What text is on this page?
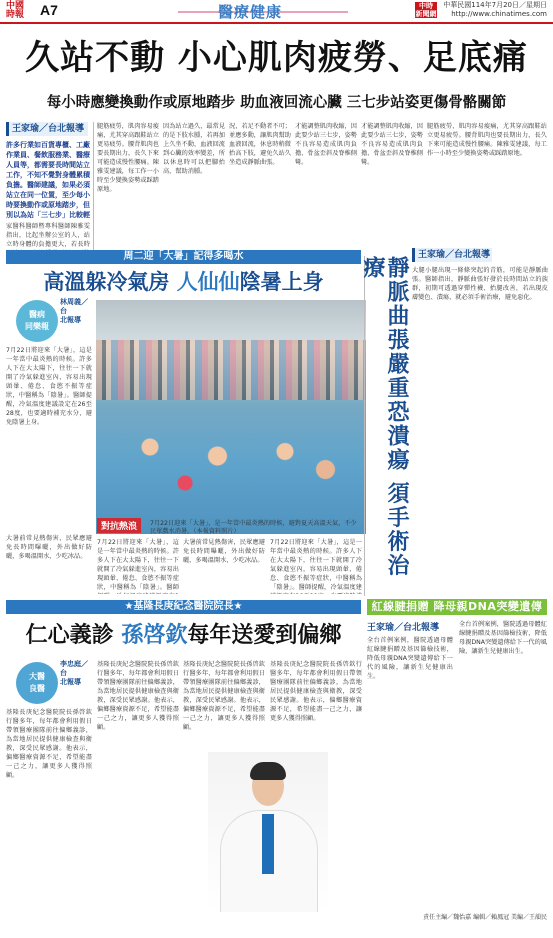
中國
時報	A7	醫療健康	中時
新聞網
中華民國114年7月20日／星期日
http://www.chinatimes.com
久站不動 小心肌肉疲勞、足底痛
每小時應變換動作或原地踏步 助血液回流心臟 三七步站姿更傷骨骼關節
王家瑜／台北報導
許多行業如百貨專櫃、工廠作業員、餐飲服務業、醫療人員等，都需要長時間站立工作，不知不覺對身體累積負擔。醫師建議，如果必須站立在同一位置，至少每小時要換動作或原地踏步，但別以為站「三七步」比較輕
家醫科醫師暨專科醫師陳雅雯指出，比起坐辦公室的人，站立時身體的負擔更大，若長時
腿筋疲勞，肌肉容易痠痛，尤其穿高跟鞋站立更易疲勞。腰背肌肉也要長期出力，長久下來可能造成慢性腰痛。陳雅雯建議，每工作一小時至少變換姿勢或踩踏原地。
因為站立過久，最常見的是下肢水腫，若再加上久坐不動，血液回流到心臟的效率變差，所以休息時可以把腳抬高，幫助消腫。
況，若足不動者不可；並應多動，讓肌肉幫助血液回流，休息時稍微抬高下肢，避免久站久坐造成靜脈曲張。
才能調整肌肉收縮，因此要少站三七步，姿勢不良容易造成肌肉負擔、骨盆歪斜及脊椎側彎。
才能調整肌肉收縮，因此要少站三七步，姿勢不良容易造成肌肉負擔、骨盆歪斜及脊椎側彎。
腿筋疲勞，肌肉容易痠痛，尤其穿高跟鞋站立更易疲勞。腰背肌肉也要長期出力，長久下來可能造成慢性腰痛。陳雅雯建議，每工作一小時至少變換姿勢或踩踏原地。
周二迎「大暑」記得多喝水
高溫躲冷氣房 人仙仙陰暑上身
醫病
同樂報
林周義／台
北報導
7月22日將迎來「大暑」，這是一年當中最炎熱的時候。許多人下在大太陽下，往往一下就開了冷氣躲進室內，容易出現頭暈、倦怠、食慾不振等症狀，中醫稱為「陰暑」。醫師提醒，冷氣溫度建議設定在26至28度，也要適時補充水分，避免陰暑上身。
大暑前常見熱傷害，民眾應避免長時間曝曬，外出做好防曬，多喝溫開水，少吃冰品。
對抗熱浪	7月22日迎來「大暑」，是一年當中最炎熱的時候，避對夏天高溫天氣，不少民眾戲水消暑。（本報資料照片）
7月22日將迎來「大暑」，這是一年當中最炎熱的時候。許多人下在大太陽下，往往一下就開了冷氣躲進室內，容易出現頭暈、倦怠、食慾不振等症狀，中醫稱為「陰暑」。醫師
大暑前常見熱傷害，民眾應避免長時間曝曬，外出做好防曬，多喝溫開水，少吃冰品。
7月22日將迎來「大暑」，這是一年當中最炎熱的時候。許多人下在大太陽下，往往一下就開了冷氣躲進室內，容易出現頭暈、倦怠、食慾不振等症狀，中醫稱為「陰暑」。醫師提醒，冷氣溫度建
靜脈曲張嚴重恐潰瘍 須手術治療
王家瑜／台北報導
大腿小腿出現一條條突起的青筋，可能是靜脈曲張。醫師指出，靜脈曲張好發於長時間站立的族群，初期可透過穿彈性襪、抬腿改善，若出現皮膚變色、潰瘍，就必須手術治療，避免惡化。
紅線腱捐贈 降母親DNA突變遺傳風險
王家瑜／台北報導
全台首例案例，醫院透過母體紅線腱捐贈及基因篩檢技術，降低母親DNA突變遺傳給下一代的風險，讓新生兒健康出生。
全台首例案例，醫院透過母體紅線腱捐贈及基因篩檢技術，降低母親DNA突變遺傳給下一代的風險，讓新生兒健康出生。
★基隆長庚紀念醫院院長★
仁心義診 孫啓欽每年送愛到偏鄉
大醫
良醫
李忠庭／台
北報導
基隆長庚紀念醫院院長孫啓欽行醫多年，每年都會利用假日帶領醫療團隊前往偏鄉義診，為當地居民提供健康檢查與衛教，深受民眾感謝。他表示，偏鄉醫療資源不足，希望能盡一己之力，讓更多人獲得照顧。
基隆長庚紀念醫院院長孫啓欽行醫多年，每年都會利用假日帶領醫療團隊前往偏鄉義診，為當地居民提供健康檢查與衛教，深受民眾感謝。他表示，偏鄉醫療資源不足，希望能盡一己之力，讓更多人獲得照顧。
基隆長庚紀念醫院院長孫啓欽行醫多年，每年都會利用假日帶領醫療團隊前往偏鄉義診，為當地居民提供健康檢查與衛教，深受民眾感謝。他表示，偏鄉醫療資源不足，希望能盡一己之力，讓更多人獲得照顧。
基隆長庚紀念醫院院長孫啓欽行醫多年，每年都會利用假日帶領醫療團隊前往偏鄉義診，為當地居民提供健康檢查與衛教，深受民眾感謝。他表示，偏鄉醫療資源不足，希望能盡一己之力，讓更多人獲得照顧。
責任主編／魏怡嘉 編輯／賴鳳冠 美編／王韻民
